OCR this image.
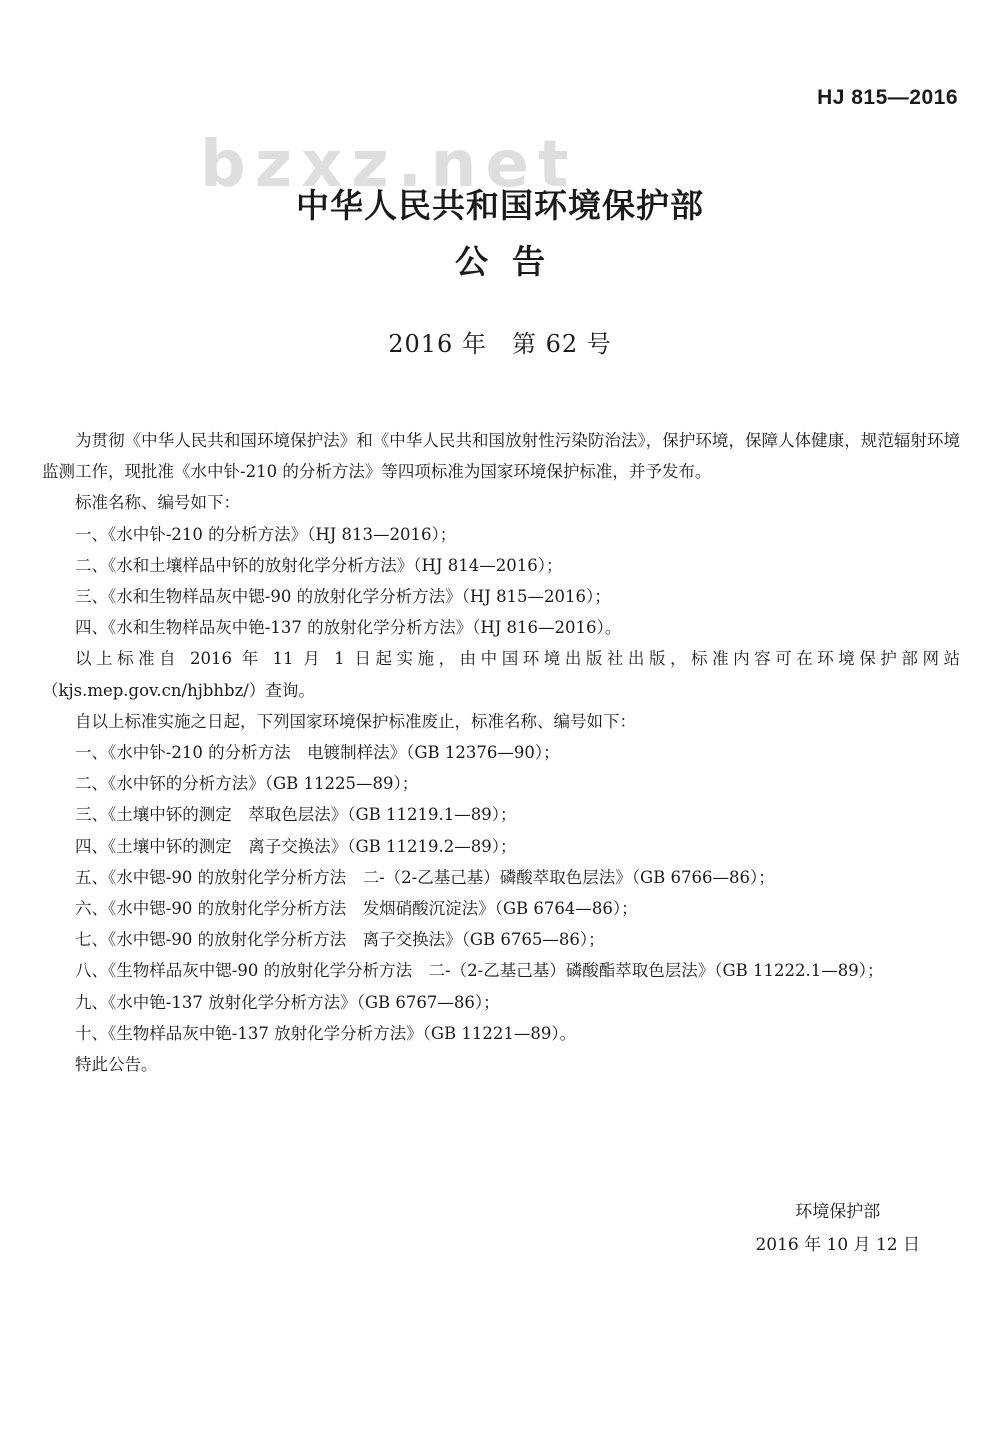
HJ 815—2016
bzxz.net
中华人民共和国环境保护部
公告
2016 年　第 62 号

为贯彻《中华人民共和国环境保护法》和《中华人民共和国放射性污染防治法》，保护环境，保障人体健康，规范辐射环境监测工作，现批准《水中钋-210 的分析方法》等四项标准为国家环境保护标准，并予发布。

标准名称、编号如下：

一、《水中钋-210 的分析方法》（HJ 813—2016）；

二、《水和土壤样品中钚的放射化学分析方法》（HJ 814—2016）；

三、《水和生物样品灰中锶-90 的放射化学分析方法》（HJ 815—2016）；

四、《水和生物样品灰中铯-137 的放射化学分析方法》（HJ 816—2016）。

以上标准自 2016 年 11 月 1 日起实施，由中国环境出版社出版，标准内容可在环境保护部网站（kjs.mep.gov.cn/hjbhbz/）查询。

自以上标准实施之日起，下列国家环境保护标准废止，标准名称、编号如下：

一、《水中钋-210 的分析方法　电镀制样法》（GB 12376—90）；

二、《水中钚的分析方法》（GB 11225—89）；

三、《土壤中钚的测定　萃取色层法》（GB 11219.1—89）；

四、《土壤中钚的测定　离子交换法》（GB 11219.2—89）；

五、《水中锶-90 的放射化学分析方法　二-（2-乙基己基）磷酸萃取色层法》（GB 6766—86）；

六、《水中锶-90 的放射化学分析方法　发烟硝酸沉淀法》（GB 6764—86）；

七、《水中锶-90 的放射化学分析方法　离子交换法》（GB 6765—86）；

八、《生物样品灰中锶-90 的放射化学分析方法　二-（2-乙基己基）磷酸酯萃取色层法》（GB 11222.1—89）；

九、《水中铯-137 放射化学分析方法》（GB 6767—86）；

十、《生物样品灰中铯-137 放射化学分析方法》（GB 11221—89）。

特此公告。

环境保护部
2016 年 10 月 12 日
